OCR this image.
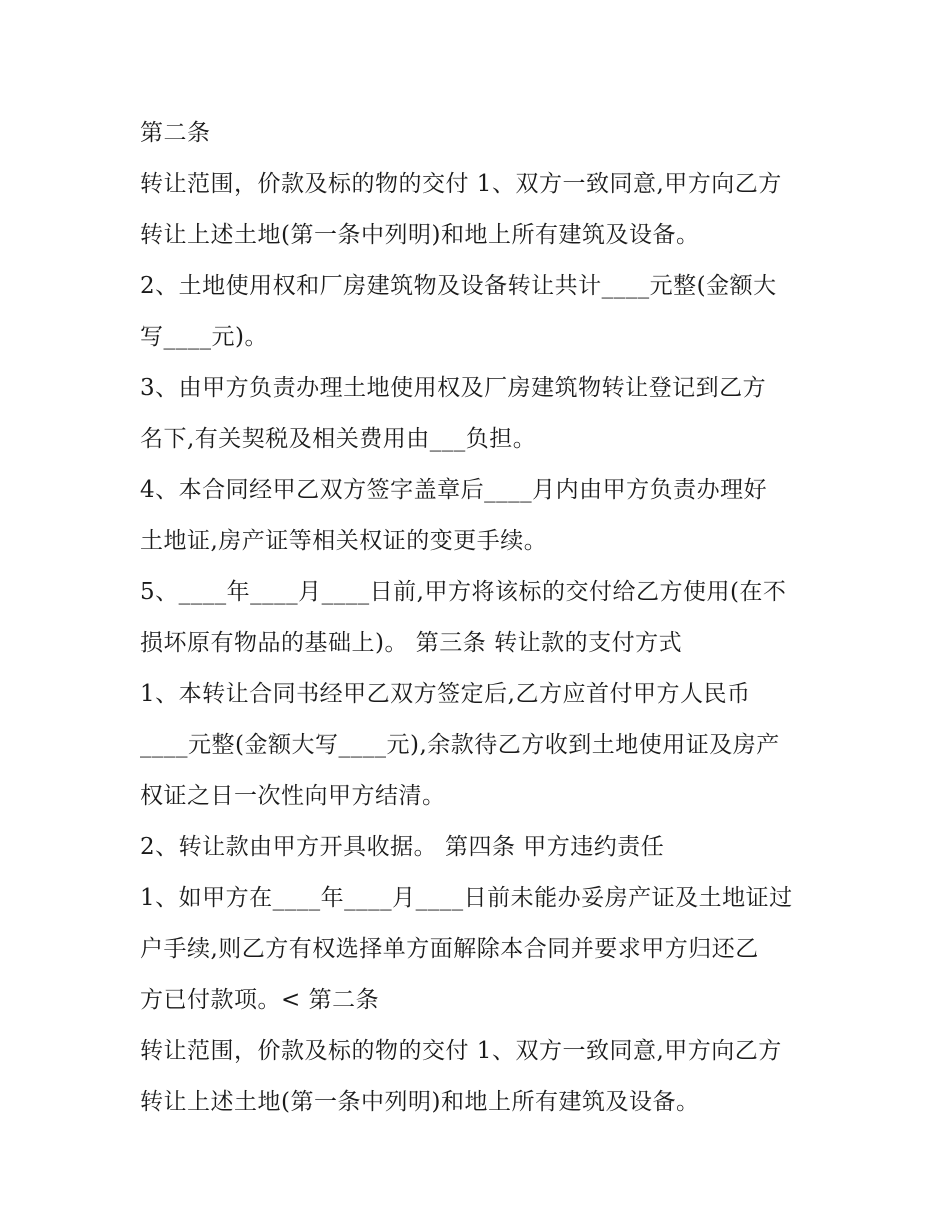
第二条
转让范围，价款及标的物的交付 1、双方一致同意,甲方向乙方
转让上述土地(第一条中列明)和地上所有建筑及设备。
2、土地使用权和厂房建筑物及设备转让共计____元整(金额大
写____元)。
3、由甲方负责办理土地使用权及厂房建筑物转让登记到乙方
名下,有关契税及相关费用由___负担。
4、本合同经甲乙双方签字盖章后____月内由甲方负责办理好
土地证,房产证等相关权证的变更手续。
5、____年____月____日前,甲方将该标的交付给乙方使用(在不
损坏原有物品的基础上)。 第三条 转让款的支付方式
1、本转让合同书经甲乙双方签定后,乙方应首付甲方人民币
____元整(金额大写____元),余款待乙方收到土地使用证及房产
权证之日一次性向甲方结清。
2、转让款由甲方开具收据。 第四条 甲方违约责任
1、如甲方在____年____月____日前未能办妥房产证及土地证过
户手续,则乙方有权选择单方面解除本合同并要求甲方归还乙
方已付款项。< 第二条
转让范围，价款及标的物的交付 1、双方一致同意,甲方向乙方
转让上述土地(第一条中列明)和地上所有建筑及设备。
